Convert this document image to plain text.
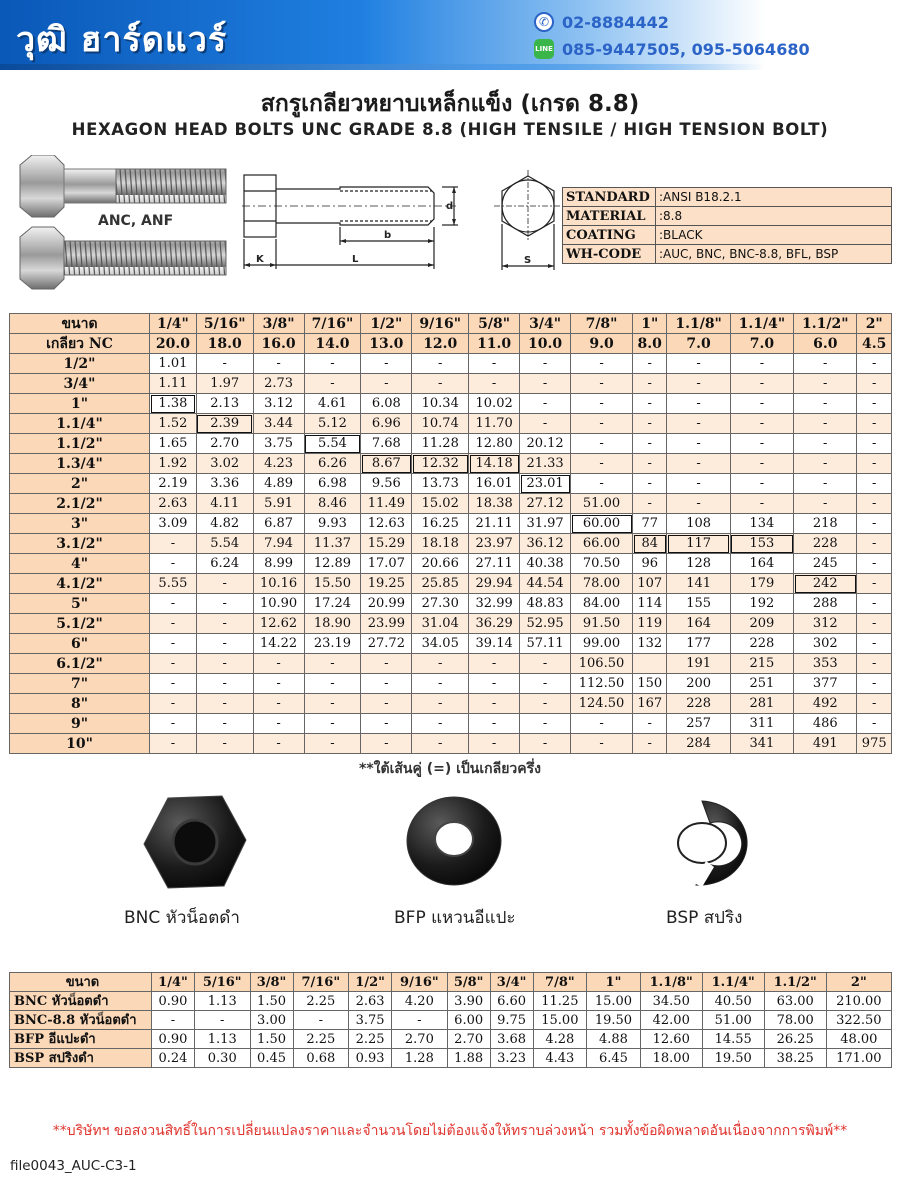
วุฒิ ฮาร์ดแวร์	✆ 02-8884442
LINE 085-9447505, 095-5064680
สกรูเกลียวหยาบเหล็กแข็ง (เกรด 8.8)
HEXAGON HEAD BOLTS UNC GRADE 8.8 (HIGH TENSILE / HIGH TENSION BOLT)
ANC, ANF
d
b
K	L	S
STANDARD	:ANSI B18.2.1
MATERIAL	:8.8
COATING	:BLACK
WH-CODE	:AUC, BNC, BNC-8.8, BFL, BSP
ขนาด	1/4"	5/16"	3/8"	7/16"	1/2"	9/16"	5/8"	3/4"	7/8"	1"	1.1/8"	1.1/4"	1.1/2"	2"
เกลียว NC	20.0	18.0	16.0	14.0	13.0	12.0	11.0	10.0	9.0	8.0	7.0	7.0	6.0	4.5
1/2"	1.01	-	-	-	-	-	-	-	-	-	-	-	-	-
3/4"	1.11	1.97	2.73	-	-	-	-	-	-	-	-	-	-	-
1"	1.38	2.13	3.12	4.61	6.08	10.34	10.02	-	-	-	-	-	-	-
1.1/4"	1.52	2.39	3.44	5.12	6.96	10.74	11.70	-	-	-	-	-	-	-
1.1/2"	1.65	2.70	3.75	5.54	7.68	11.28	12.80	20.12	-	-	-	-	-	-
1.3/4"	1.92	3.02	4.23	6.26	8.67	12.32	14.18	21.33	-	-	-	-	-	-
2"	2.19	3.36	4.89	6.98	9.56	13.73	16.01	23.01	-	-	-	-	-	-
2.1/2"	2.63	4.11	5.91	8.46	11.49	15.02	18.38	27.12	51.00	-	-	-	-	-
3"	3.09	4.82	6.87	9.93	12.63	16.25	21.11	31.97	60.00	77	108	134	218	-
3.1/2"	-	5.54	7.94	11.37	15.29	18.18	23.97	36.12	66.00	84	117	153	228	-
4"	-	6.24	8.99	12.89	17.07	20.66	27.11	40.38	70.50	96	128	164	245	-
4.1/2"	5.55	-	10.16	15.50	19.25	25.85	29.94	44.54	78.00	107	141	179	242	-
5"	-	-	10.90	17.24	20.99	27.30	32.99	48.83	84.00	114	155	192	288	-
5.1/2"	-	-	12.62	18.90	23.99	31.04	36.29	52.95	91.50	119	164	209	312	-
6"	-	-	14.22	23.19	27.72	34.05	39.14	57.11	99.00	132	177	228	302	-
6.1/2"	-	-	-	-	-	-	-	-	106.50		191	215	353	-
7"	-	-	-	-	-	-	-	-	112.50	150	200	251	377	-
8"	-	-	-	-	-	-	-	-	124.50	167	228	281	492	-
9"	-	-	-	-	-	-	-	-	-	-	257	311	486	-
10"	-	-	-	-	-	-	-	-	-	-	284	341	491	975
**ใต้เส้นคู่ (=) เป็นเกลียวครึ่ง
BNC หัวน็อตดำ	BFP แหวนอีแปะ	BSP สปริง
ขนาด	1/4"	5/16"	3/8"	7/16"	1/2"	9/16"	5/8"	3/4"	7/8"	1"	1.1/8"	1.1/4"	1.1/2"	2"
BNC หัวน็อตดำ	0.90	1.13	1.50	2.25	2.63	4.20	3.90	6.60	11.25	15.00	34.50	40.50	63.00	210.00
BNC-8.8 หัวน็อตดำ	-	-	3.00	-	3.75	-	6.00	9.75	15.00	19.50	42.00	51.00	78.00	322.50
BFP อีแปะดำ	0.90	1.13	1.50	2.25	2.25	2.70	2.70	3.68	4.28	4.88	12.60	14.55	26.25	48.00
BSP สปริงดำ	0.24	0.30	0.45	0.68	0.93	1.28	1.88	3.23	4.43	6.45	18.00	19.50	38.25	171.00
**บริษัทฯ ขอสงวนสิทธิ์ในการเปลี่ยนแปลงราคาและจำนวนโดยไม่ต้องแจ้งให้ทราบล่วงหน้า รวมทั้งข้อผิดพลาดอันเนื่องจากการพิมพ์**
file0043_AUC-C3-1
